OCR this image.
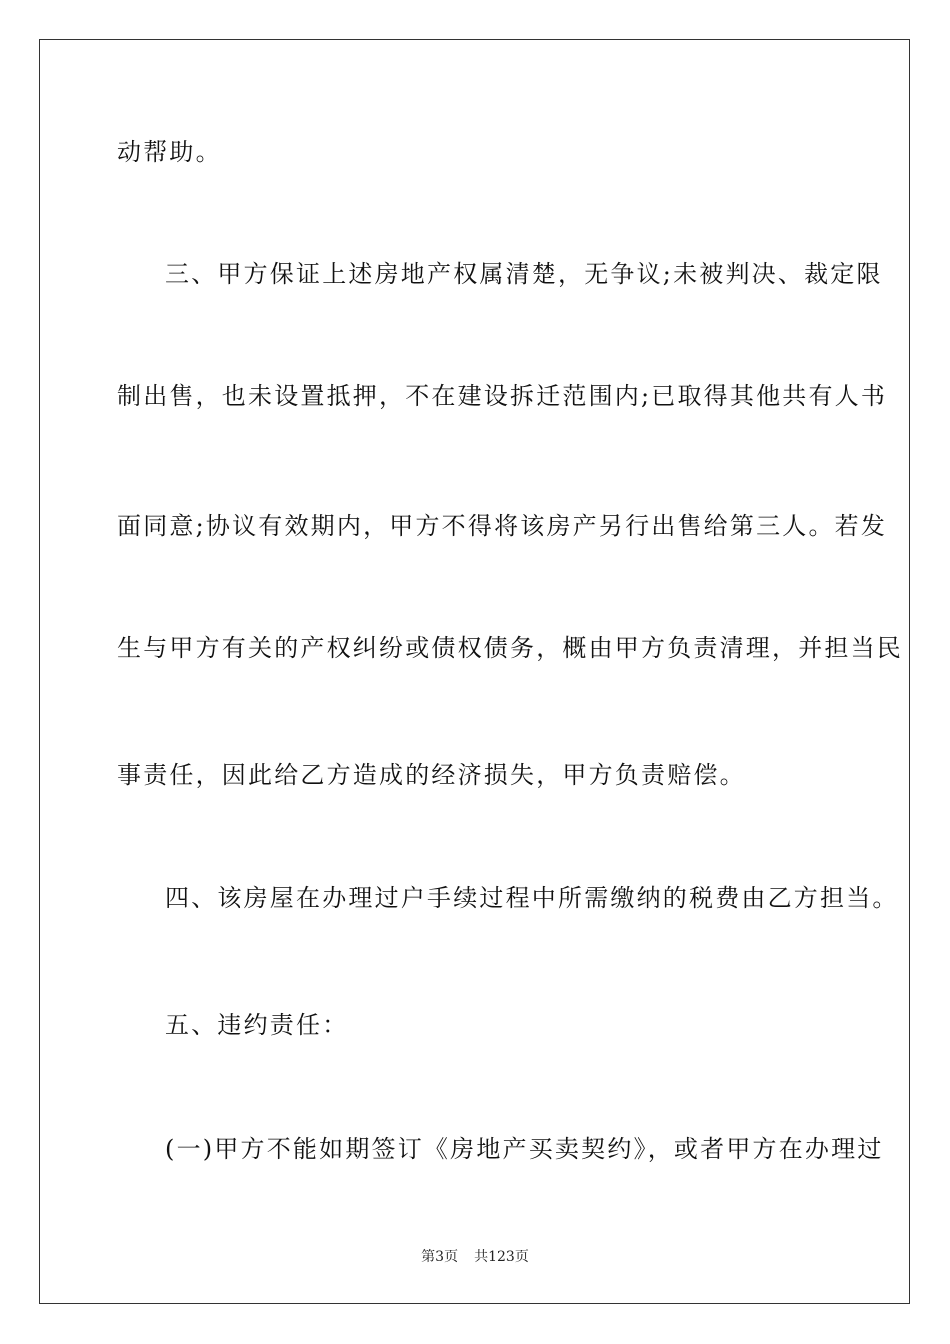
动帮助。
三、甲方保证上述房地产权属清楚，无争议;未被判决、裁定限
制出售，也未设置抵押，不在建设拆迁范围内;已取得其他共有人书
面同意;协议有效期内，甲方不得将该房产另行出售给第三人。若发
生与甲方有关的产权纠纷或债权债务，概由甲方负责清理，并担当民
事责任，因此给乙方造成的经济损失，甲方负责赔偿。
四、该房屋在办理过户手续过程中所需缴纳的税费由乙方担当。
五、违约责任：
(一)甲方不能如期签订《房地产买卖契约》，或者甲方在办理过
第3页 共123页
